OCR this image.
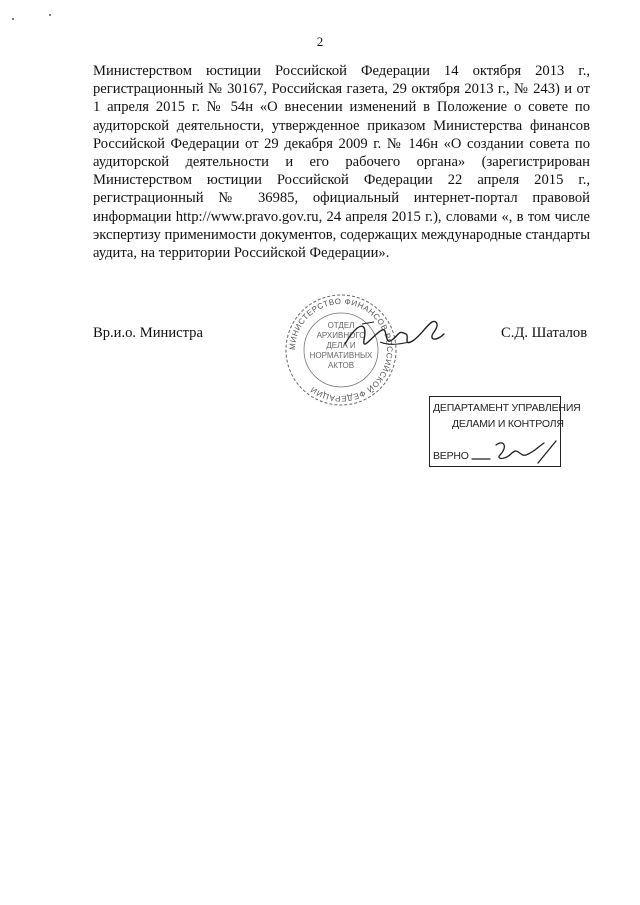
2

Министерством юстиции Российской Федерации 14 октября 2013 г., регистрационный № 30167, Российская газета, 29 октября 2013 г., № 243) и от 1 апреля 2015 г. № 54н «О внесении изменений в Положение о совете по аудиторской деятельности, утвержденное приказом Министерства финансов Российской Федерации от 29 декабря 2009 г. № 146н «О создании совета по аудиторской деятельности и его рабочего органа» (зарегистрирован Министерством юстиции Российской Федерации 22 апреля 2015 г., регистрационный № 36985, официальный интернет-портал правовой информации http://www.pravo.gov.ru, 24 апреля 2015 г.), словами «, в том числе экспертизу применимости документов, содержащих международные стандарты аудита, на территории Российской Федерации».

Вр.и.о. Министра
МИНИСТЕРСТВО ФИНАНСОВ РОССИЙСКОЙ ФЕДЕРАЦИИ
ОТДЕЛ АРХИВНОГО ДЕЛА И НОРМАТИВНЫХ АКТОВ
С.Д. Шаталов
ДЕПАРТАМЕНТ УПРАВЛЕНИЯ
ДЕЛАМИ И КОНТРОЛЯ
ВЕРНО
